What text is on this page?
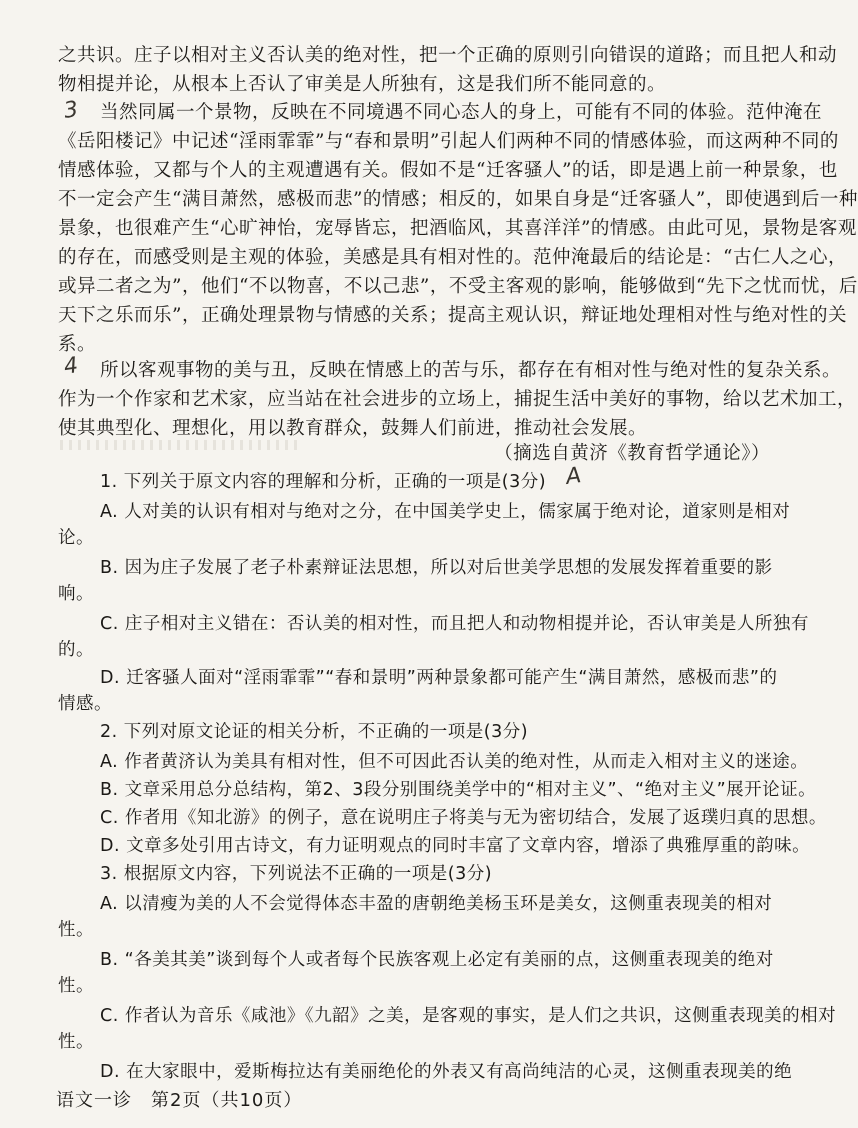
之共识。庄子以相对主义否认美的绝对性，把一个正确的原则引向错误的道路；而且把人和动
物相提并论，从根本上否认了审美是人所独有，这是我们所不能同意的。
3 当然同属一个景物，反映在不同境遇不同心态人的身上，可能有不同的体验。范仲淹在
《岳阳楼记》中记述“淫雨霏霏”与“春和景明”引起人们两种不同的情感体验，而这两种不同的
情感体验，又都与个人的主观遭遇有关。假如不是“迁客骚人”的话，即是遇上前一种景象，也
不一定会产生“满目萧然，感极而悲”的情感；相反的，如果自身是“迁客骚人”，即使遇到后一种
景象，也很难产生“心旷神怡，宠辱皆忘，把酒临风，其喜洋洋”的情感。由此可见，景物是客观
的存在，而感受则是主观的体验，美感是具有相对性的。范仲淹最后的结论是：“古仁人之心，
或异二者之为”，他们“不以物喜，不以己悲”，不受主客观的影响，能够做到“先下之忧而忧，后
天下之乐而乐”，正确处理景物与情感的关系；提高主观认识，辩证地处理相对性与绝对性的关
系。
4 所以客观事物的美与丑，反映在情感上的苦与乐，都存在有相对性与绝对性的复杂关系。
作为一个作家和艺术家，应当站在社会进步的立场上，捕捉生活中美好的事物，给以艺术加工，
使其典型化、理想化，用以教育群众，鼓舞人们前进，推动社会发展。
（摘选自黄济《教育哲学通论》）
1. 下列关于原文内容的理解和分析，正确的一项是(3分) A
A. 人对美的认识有相对与绝对之分，在中国美学史上，儒家属于绝对论，道家则是相对
论。
B. 因为庄子发展了老子朴素辩证法思想，所以对后世美学思想的发展发挥着重要的影
响。
C. 庄子相对主义错在：否认美的相对性，而且把人和动物相提并论，否认审美是人所独有
的。
D. 迁客骚人面对“淫雨霏霏”“春和景明”两种景象都可能产生“满目萧然，感极而悲”的
情感。
2. 下列对原文论证的相关分析，不正确的一项是(3分)
A. 作者黄济认为美具有相对性，但不可因此否认美的绝对性，从而走入相对主义的迷途。
B. 文章采用总分总结构，第2、3段分别围绕美学中的“相对主义”、“绝对主义”展开论证。
C. 作者用《知北游》的例子，意在说明庄子将美与无为密切结合，发展了返璞归真的思想。
D. 文章多处引用古诗文，有力证明观点的同时丰富了文章内容，增添了典雅厚重的韵味。
3. 根据原文内容，下列说法不正确的一项是(3分)
A. 以清瘦为美的人不会觉得体态丰盈的唐朝绝美杨玉环是美女，这侧重表现美的相对
性。
B. “各美其美”谈到每个人或者每个民族客观上必定有美丽的点，这侧重表现美的绝对
性。
C. 作者认为音乐《咸池》《九韶》之美，是客观的事实，是人们之共识，这侧重表现美的相对
性。
D. 在大家眼中，爱斯梅拉达有美丽绝伦的外表又有高尚纯洁的心灵，这侧重表现美的绝
语文一诊　第2页（共10页）
